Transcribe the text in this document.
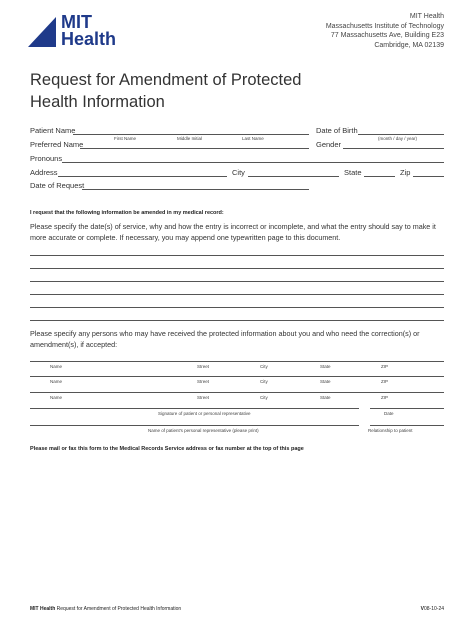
MIT
Health
MIT Health
Massachusetts Institute of Technology
77 Massachusetts Ave, Building E23
Cambridge, MA 02139
Request for Amendment of Protected
Health Information
Patient Name
First Name	Middle Initial	Last Name
Date of Birth
(month / day / year)
Preferred Name	Gender
Pronouns
Address	City	State	Zip
Date of Request
I request that the following information be amended in my medical record:
Please specify the date(s) of service, why and how the entry is incorrect or incomplete, and what the entry should say to make it more accurate or complete. If necessary, you may append one typewritten page to this document.
Please specify any persons who may have received the protected information about you and who need the correction(s) or amendment(s), if accepted:
Name	Street	City	State	ZIP
Name	Street	City	State	ZIP
Name	Street	City	State	ZIP
Signature of patient or personal representative	Date
Name of patient's personal representative (please print)	Relationship to patient
Please mail or fax this form to the Medical Records Service address or fax number at the top of this page
MIT Health Request for Amendment of Protected Health Information	V08-10-24
